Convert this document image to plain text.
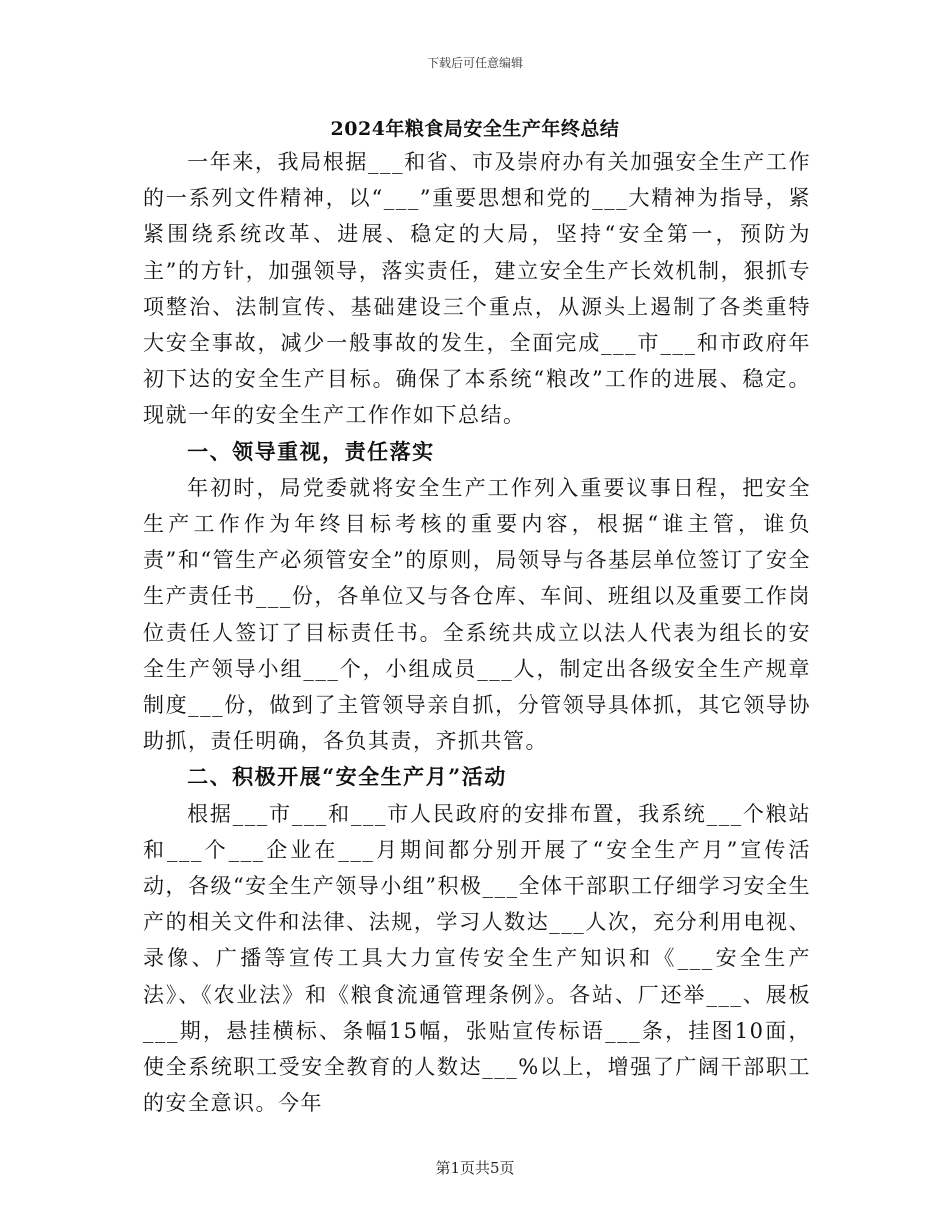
下载后可任意编辑
2024年粮食局安全生产年终总结

一年来，我局根据___和省、市及崇府办有关加强安全生产工作的一系列文件精神，以“___”重要思想和党的___大精神为指导，紧紧围绕系统改革、进展、稳定的大局，坚持“安全第一，预防为主”的方针，加强领导，落实责任，建立安全生产长效机制，狠抓专项整治、法制宣传、基础建设三个重点，从源头上遏制了各类重特大安全事故，减少一般事故的发生，全面完成___市___和市政府年初下达的安全生产目标。确保了本系统“粮改”工作的进展、稳定。现就一年的安全生产工作作如下总结。

一、领导重视，责任落实

年初时，局党委就将安全生产工作列入重要议事日程，把安全生产工作作为年终目标考核的重要内容，根据“谁主管，谁负责”和“管生产必须管安全”的原则，局领导与各基层单位签订了安全生产责任书___份，各单位又与各仓库、车间、班组以及重要工作岗位责任人签订了目标责任书。全系统共成立以法人代表为组长的安全生产领导小组___个，小组成员___人，制定出各级安全生产规章制度___份，做到了主管领导亲自抓，分管领导具体抓，其它领导协助抓，责任明确，各负其责，齐抓共管。

二、积极开展“安全生产月”活动

根据___市___和___市人民政府的安排布置，我系统___个粮站和___个___企业在___月期间都分别开展了“安全生产月”宣传活动，各级“安全生产领导小组”积极___全体干部职工仔细学习安全生产的相关文件和法律、法规，学习人数达___人次，充分利用电视、录像、广播等宣传工具大力宣传安全生产知识和《___安全生产法》、《农业法》和《粮食流通管理条例》。各站、厂还举___、展板___期，悬挂横标、条幅15幅，张贴宣传标语___条，挂图10面，使全系统职工受安全教育的人数达___%以上，增强了广阔干部职工的安全意识。今年

第1页共5页
